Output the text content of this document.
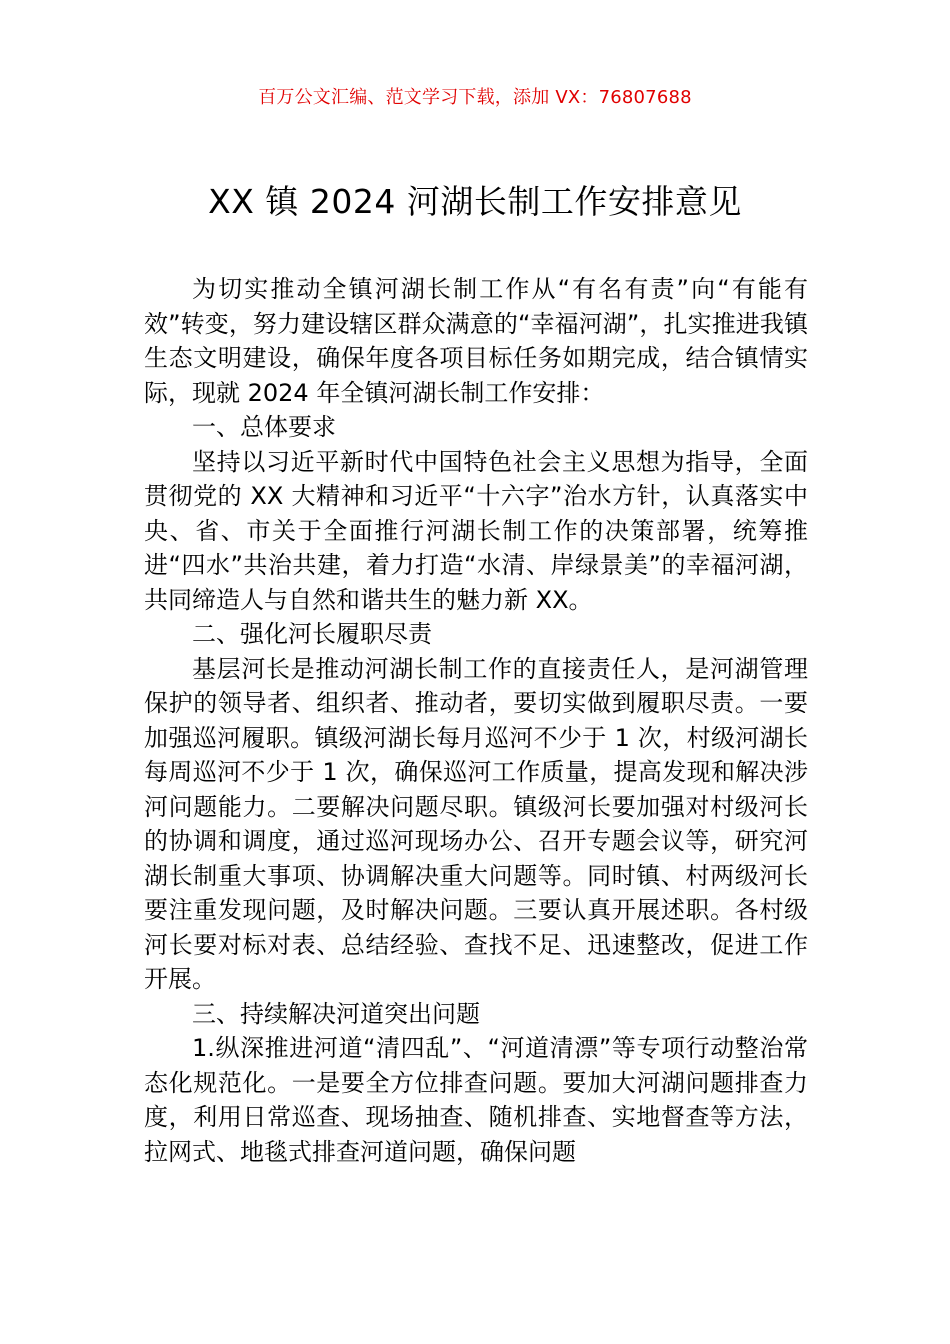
百万公文汇编、范文学习下载，添加 VX：76807688
XX 镇 2024 河湖长制工作安排意见

为切实推动全镇河湖长制工作从“有名有责”向“有能有效”转变，努力建设辖区群众满意的“幸福河湖”，扎实推进我镇生态文明建设，确保年度各项目标任务如期完成，结合镇情实际，现就 2024 年全镇河湖长制工作安排：

一、总体要求

坚持以习近平新时代中国特色社会主义思想为指导，全面贯彻党的 XX 大精神和习近平“十六字”治水方针，认真落实中央、省、市关于全面推行河湖长制工作的决策部署，统筹推进“四水”共治共建，着力打造“水清、岸绿景美”的幸福河湖，共同缔造人与自然和谐共生的魅力新 XX。

二、强化河长履职尽责

基层河长是推动河湖长制工作的直接责任人，是河湖管理保护的领导者、组织者、推动者，要切实做到履职尽责。一要加强巡河履职。镇级河湖长每月巡河不少于 1 次，村级河湖长每周巡河不少于 1 次，确保巡河工作质量，提高发现和解决涉河问题能力。二要解决问题尽职。镇级河长要加强对村级河长的协调和调度，通过巡河现场办公、召开专题会议等，研究河湖长制重大事项、协调解决重大问题等。同时镇、村两级河长要注重发现问题，及时解决问题。三要认真开展述职。各村级河长要对标对表、总结经验、查找不足、迅速整改，促进工作开展。

三、持续解决河道突出问题

1.纵深推进河道“清四乱”、“河道清漂”等专项行动整治常态化规范化。一是要全方位排查问题。要加大河湖问题排查力度，利用日常巡查、现场抽查、随机排查、实地督查等方法，拉网式、地毯式排查河道问题，确保问题
